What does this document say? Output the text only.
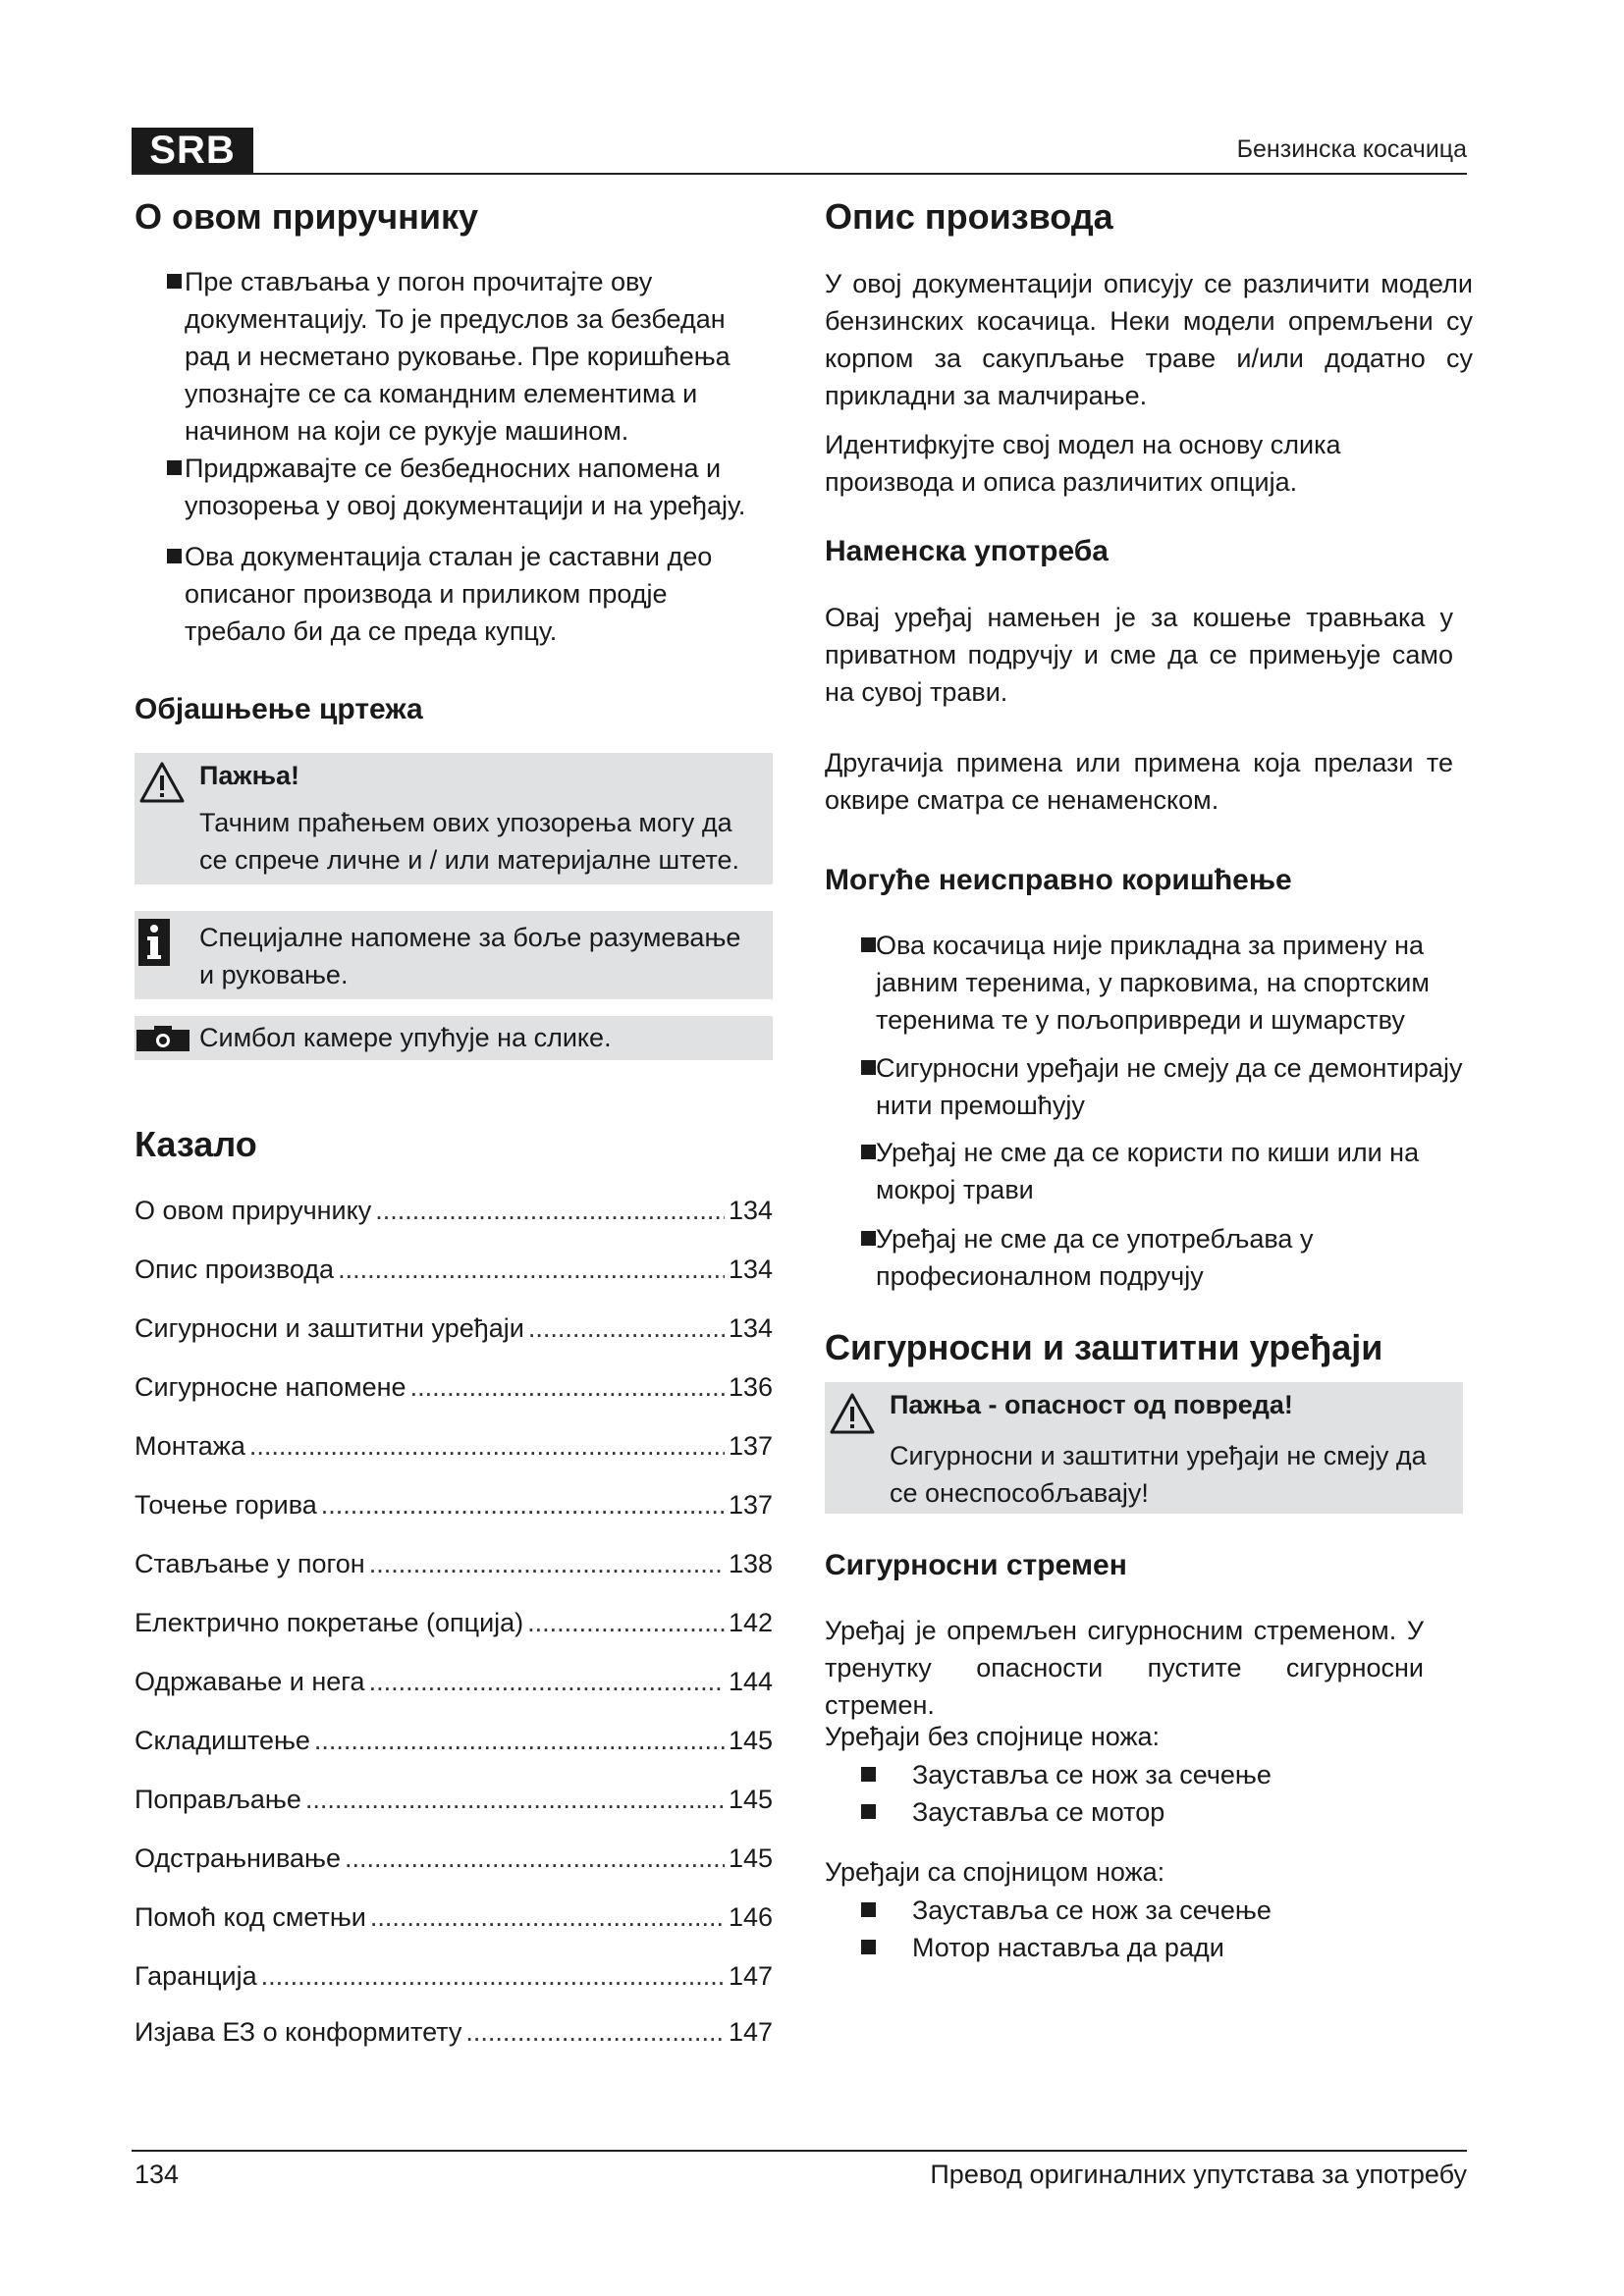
SRB	Бензинска косачица
О овом приручнику
Пре стављања у погон прочитајте ову документацију. То је предуслов за безбедан рад и несметано руковање. Пре коришћења упознајте се са командним елементима и начином на који се рукује машином.
Придржавајте се безбедносних напомена и упозорења у овој документацији и на уређају.
Ова документација сталан је саставни део описаног производа и приликом продје требало би да се преда купцу.
Објашњење цртежа
Пажња!
Тачним праћењем ових упозорења могу да се спрече личне и / или материјалне штете.
Специјалне напомене за боље разумевање и руковање.
Симбол камере упућује на слике.
Казало
О овом приручнику .....	134
Опис производа .....	134
Сигурносни и заштитни уређаји .....	134
Сигурносне напомене .....	136
Монтажа .....	137
Точење горива .....	137
Стављање у погон .....	138
Електрично покретање (опција) .....	142
Одржавање и нега .....	144
Складиштење .....	145
Поправљање .....	145
Одстрањнивање .....	145
Помоћ код сметњи .....	146
Гаранција .....	147
Изјава ЕЗ о конформитету .....	147
Опис производа

У овој документацији описују се различити модели бензинских косачица. Неки модели опремљени су корпом за сакупљање траве и/или додатно су прикладни за малчирање.

Идентифкујте свој модел на основу слика производа и описа различитих опција.

Наменска употреба

Овај уређај намењен је за кошење травњака у приватном подручју и сме да се примењује само на сувој трави.

Другачија примена или примена која прелази те оквире сматра се ненаменском.

Могуће неисправно коришћење
Ова косачица није прикладна за примену на јавним теренима, у парковима, на спортским теренима те у пољопривреди и шумарству
Сигурносни уређаји не смеју да се демонтирају нити премошћују
Уређај не сме да се користи по киши или на мокрој трави
Уређај не сме да се употребљава у професионалном подручју
Сигурносни и заштитни уређаји
Пажња - опасност од повреда!
Сигурносни и заштитни уређаји не смеју да се онеспособљавају!
Сигурносни стремен

Уређај је опремљен сигурносним стременом. У тренутку опасности пустите сигурносни стремен.

Уређаји без спојнице ножа:

Зауставља се нож за сечење
Зауставља се мотор

Уређаји са спојницом ножа:

Зауставља се нож за сечење
Мотор наставља да ради
134	Превод оригиналних упутстава за употребу
